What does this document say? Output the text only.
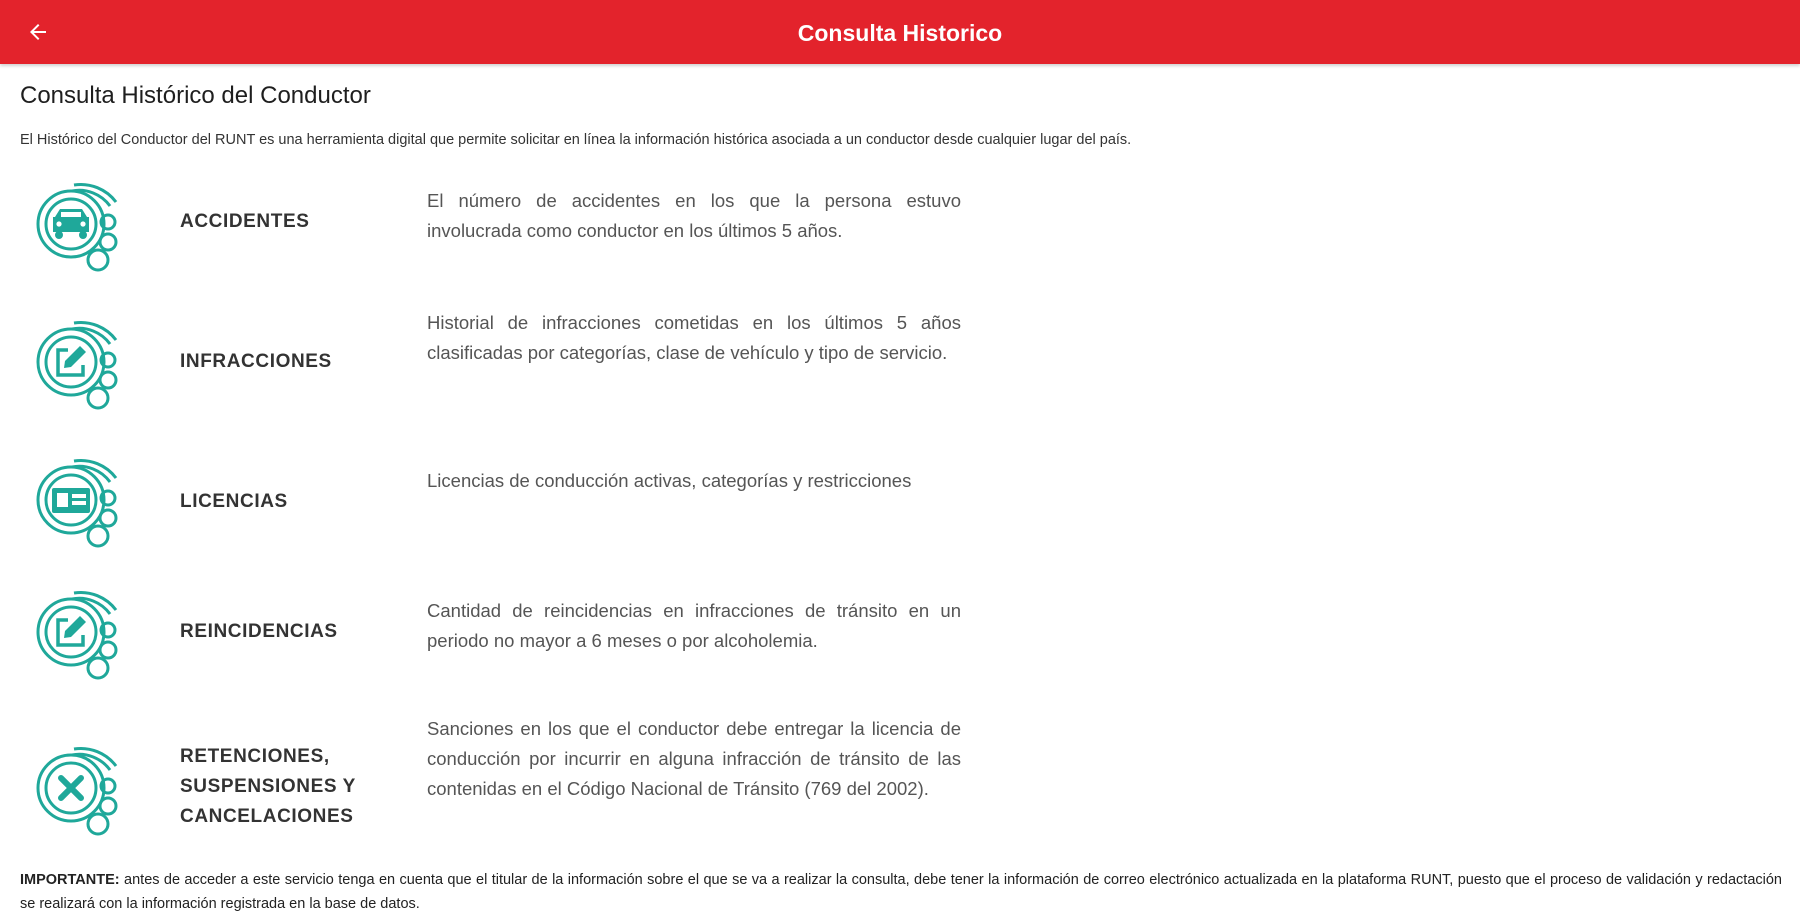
Consulta Historico
Consulta Histórico del Conductor

El Histórico del Conductor del RUNT es una herramienta digital que permite solicitar en línea la información histórica asociada a un conductor desde cualquier lugar del país.

ACCIDENTES

El número de accidentes en los que la persona estuvo involucrada como conductor en los últimos 5 años.

INFRACCIONES

Historial de infracciones cometidas en los últimos 5 años clasificadas por categorías, clase de vehículo y tipo de servicio.

LICENCIAS

Licencias de conducción activas, categorías y restricciones

REINCIDENCIAS

Cantidad de reincidencias en infracciones de tránsito en un periodo no mayor a 6 meses o por alcoholemia.

RETENCIONES, SUSPENSIONES Y CANCELACIONES

Sanciones en los que el conductor debe entregar la licencia de conducción por incurrir en alguna infracción de tránsito de las contenidas en el Código Nacional de Tránsito (769 del 2002).

IMPORTANTE: antes de acceder a este servicio tenga en cuenta que el titular de la información sobre el que se va a realizar la consulta, debe tener la información de correo electrónico actualizada en la plataforma RUNT, puesto que el proceso de validación y redactación se realizará con la información registrada en la base de datos.
